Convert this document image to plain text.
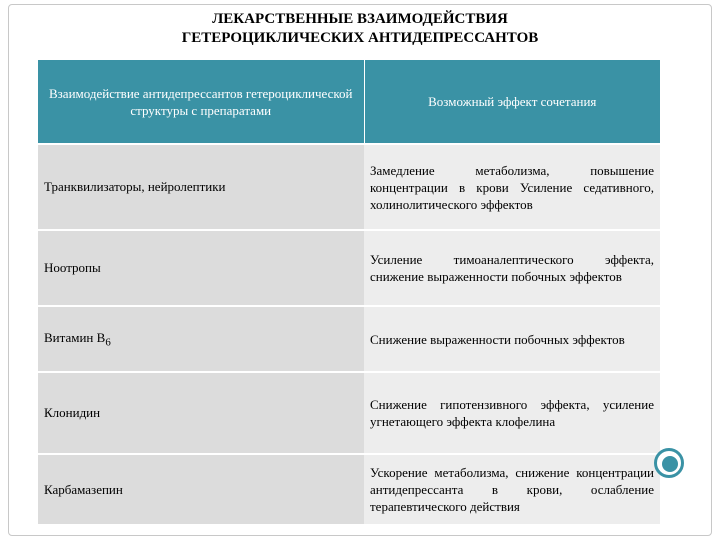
ЛЕКАРСТВЕННЫЕ ВЗАИМОДЕЙСТВИЯ
ГЕТЕРОЦИКЛИЧЕСКИХ АНТИДЕПРЕССАНТОВ
Взаимодействие антидепрессантов гетероциклической структуры с препаратами	Возможный эффект сочетания
Транквилизаторы, нейролептики	Замедление метаболизма, повышение концентрации в крови Усиление седативного, холинолитического эффектов
Ноотропы	Усиление тимоаналептического эффекта, снижение выраженности побочных эффектов
Витамин $В_6$	Снижение выраженности побочных эффектов
Клонидин	Снижение гипотензивного эффекта, усиление угнетающего эффекта клофелина
Карбамазепин	Ускорение метаболизма, снижение концентрации антидепрессанта в крови, ослабление терапевтического действия
